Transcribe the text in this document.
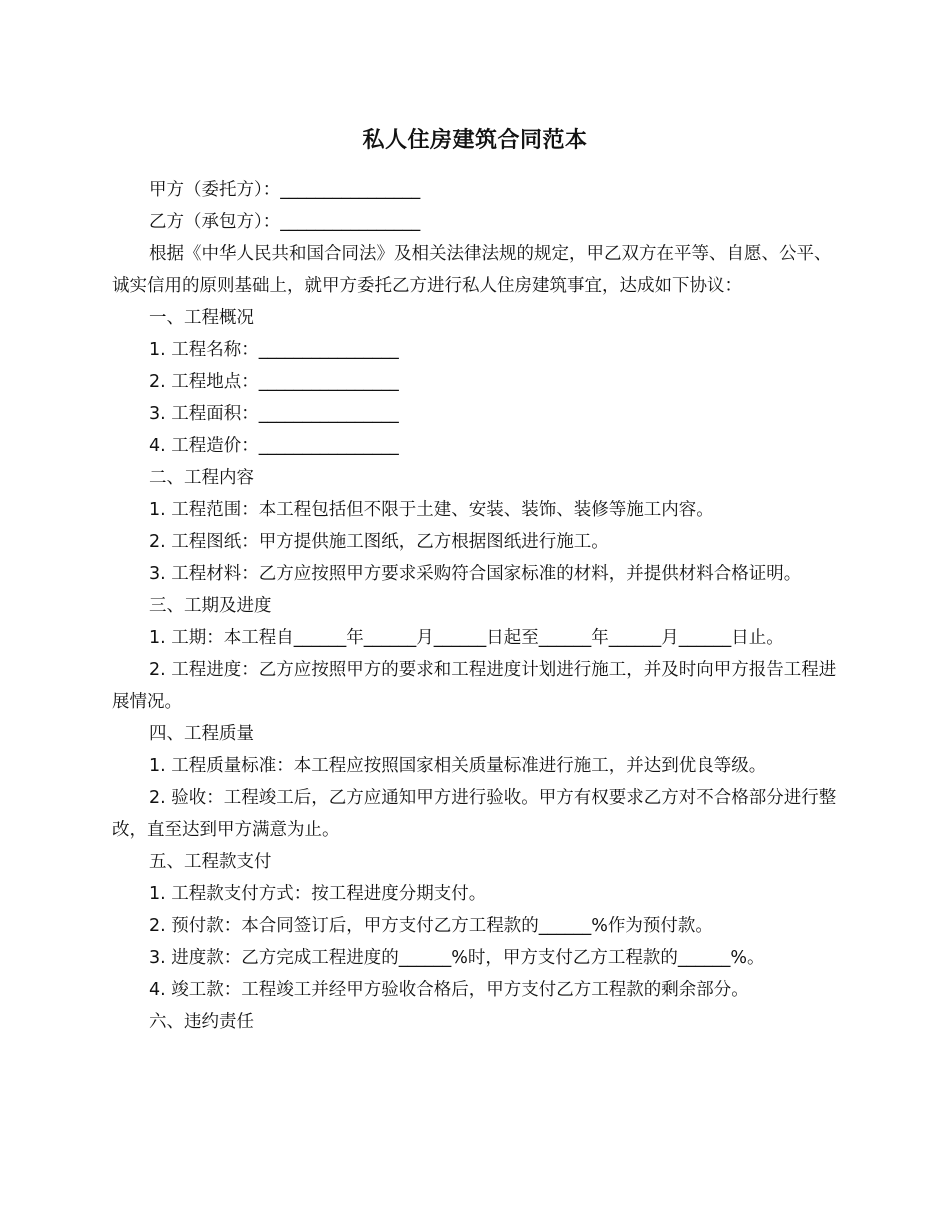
私人住房建筑合同范本

甲方（委托方）：________________

乙方（承包方）：________________

根据《中华人民共和国合同法》及相关法律法规的规定，甲乙双方在平等、自愿、公平、诚实信用的原则基础上，就甲方委托乙方进行私人住房建筑事宜，达成如下协议：

一、工程概况

1. 工程名称：________________

2. 工程地点：________________

3. 工程面积：________________

4. 工程造价：________________

二、工程内容

1. 工程范围：本工程包括但不限于土建、安装、装饰、装修等施工内容。

2. 工程图纸：甲方提供施工图纸，乙方根据图纸进行施工。

3. 工程材料：乙方应按照甲方要求采购符合国家标准的材料，并提供材料合格证明。

三、工期及进度

1. 工期：本工程自______年______月______日起至______年______月______日止。

2. 工程进度：乙方应按照甲方的要求和工程进度计划进行施工，并及时向甲方报告工程进展情况。

四、工程质量

1. 工程质量标准：本工程应按照国家相关质量标准进行施工，并达到优良等级。

2. 验收：工程竣工后，乙方应通知甲方进行验收。甲方有权要求乙方对不合格部分进行整改，直至达到甲方满意为止。

五、工程款支付

1. 工程款支付方式：按工程进度分期支付。

2. 预付款：本合同签订后，甲方支付乙方工程款的______%作为预付款。

3. 进度款：乙方完成工程进度的______%时，甲方支付乙方工程款的______%。

4. 竣工款：工程竣工并经甲方验收合格后，甲方支付乙方工程款的剩余部分。

六、违约责任
